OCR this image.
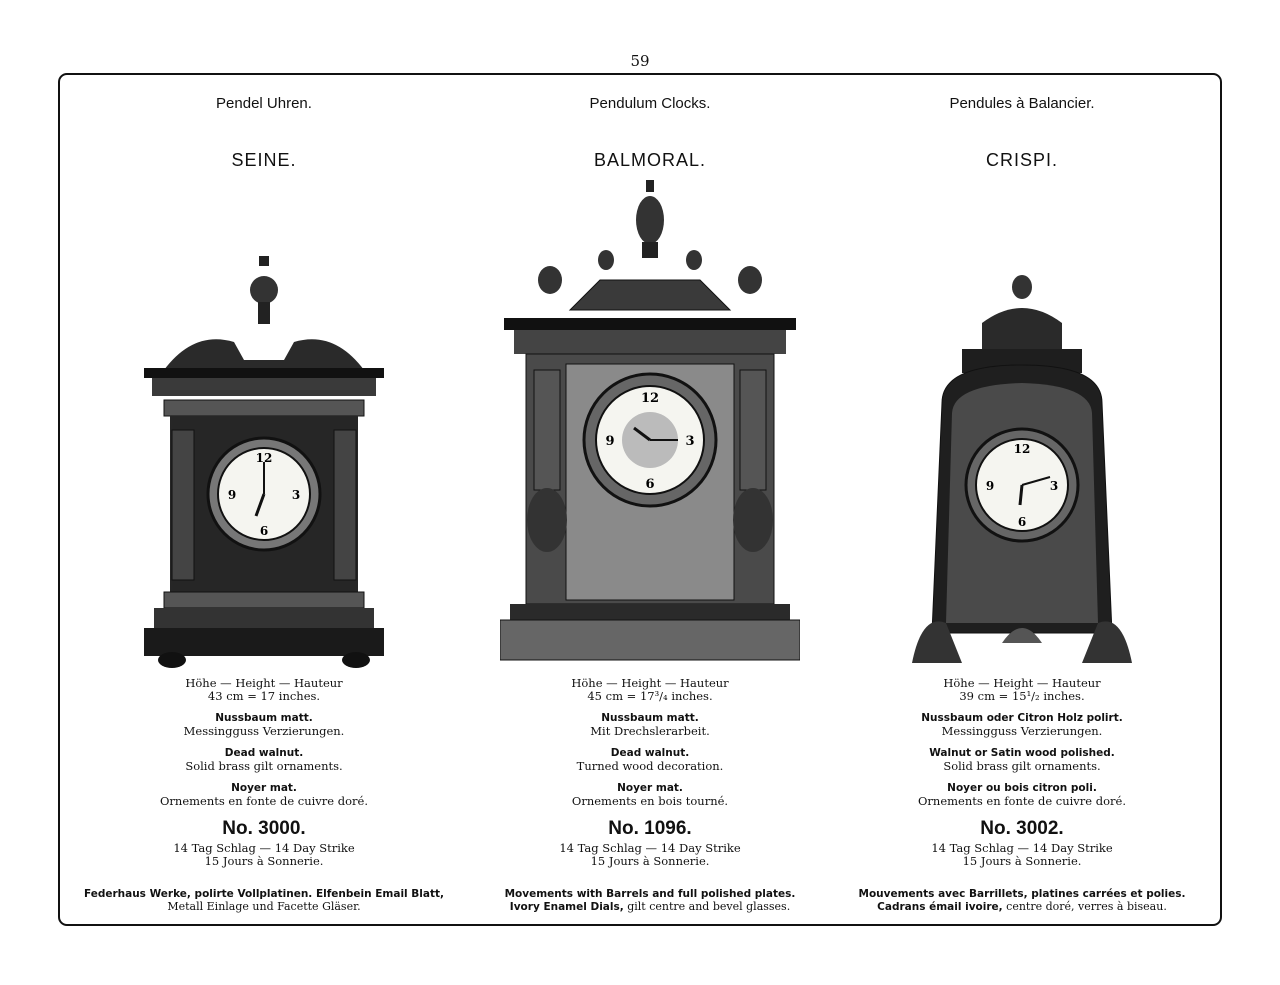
59
Pendel Uhren.
SEINE.
12
3
6
9
Höhe — Height — Hauteur
43 cm = 17 inches.
Nussbaum matt.
Messingguss Verzierungen.
Dead walnut.
Solid brass gilt ornaments.
Noyer mat.
Ornements en fonte de cuivre doré.
No. 3000.
14 Tag Schlag — 14 Day Strike
15 Jours à Sonnerie.
Federhaus Werke, polirte Vollplatinen. Elfenbein Email Blatt,
Metall Einlage und Facette Gläser.
Pendulum Clocks.
BALMORAL.
12
3
6
9
Höhe — Height — Hauteur
45 cm = 17³/₄ inches.
Nussbaum matt.
Mit Drechslerarbeit.
Dead walnut.
Turned wood decoration.
Noyer mat.
Ornements en bois tourné.
No. 1096.
14 Tag Schlag — 14 Day Strike
15 Jours à Sonnerie.
Movements with Barrels and full polished plates.
Ivory Enamel Dials, gilt centre and bevel glasses.
Pendules à Balancier.
CRISPI.
12
3
6
9
Höhe — Height — Hauteur
39 cm = 15¹/₂ inches.
Nussbaum oder Citron Holz polirt.
Messingguss Verzierungen.
Walnut or Satin wood polished.
Solid brass gilt ornaments.
Noyer ou bois citron poli.
Ornements en fonte de cuivre doré.
No. 3002.
14 Tag Schlag — 14 Day Strike
15 Jours à Sonnerie.
Mouvements avec Barrillets, platines carrées et polies.
Cadrans émail ivoire, centre doré, verres à biseau.
